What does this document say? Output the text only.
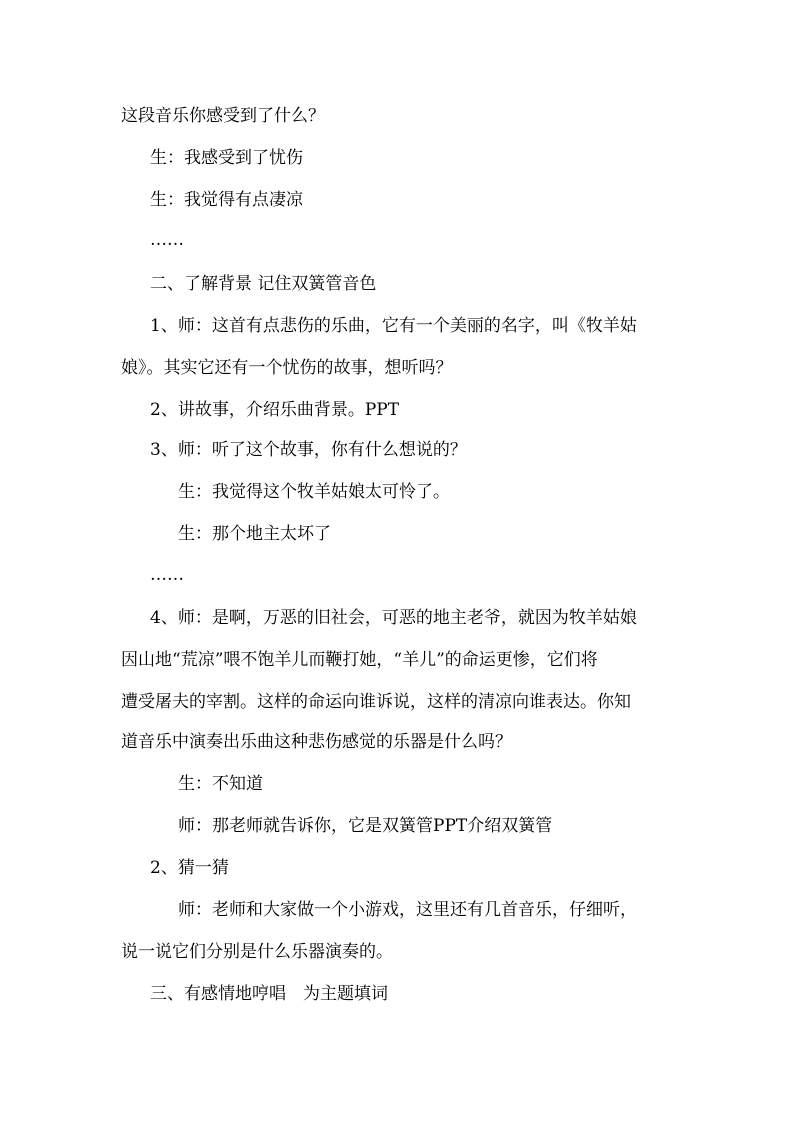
这段音乐你感受到了什么？
生：我感受到了忧伤
生：我觉得有点凄凉
……
二、了解背景 记住双簧管音色
1、师：这首有点悲伤的乐曲，它有一个美丽的名字，叫《牧羊姑
娘》。其实它还有一个忧伤的故事，想听吗？
2、讲故事，介绍乐曲背景。PPT
3、师：听了这个故事，你有什么想说的？
生：我觉得这个牧羊姑娘太可怜了。
生：那个地主太坏了
……
4、师：是啊，万恶的旧社会，可恶的地主老爷，就因为牧羊姑娘
因山地“荒凉”喂不饱羊儿而鞭打她，“羊儿”的命运更惨，它们将
遭受屠夫的宰割。这样的命运向谁诉说，这样的清凉向谁表达。你知
道音乐中演奏出乐曲这种悲伤感觉的乐器是什么吗？
生：不知道
师：那老师就告诉你，它是双簧管PPT介绍双簧管
2、猜一猜
师：老师和大家做一个小游戏，这里还有几首音乐，仔细听，
说一说它们分别是什么乐器演奏的。
三、有感情地哼唱　为主题填词
